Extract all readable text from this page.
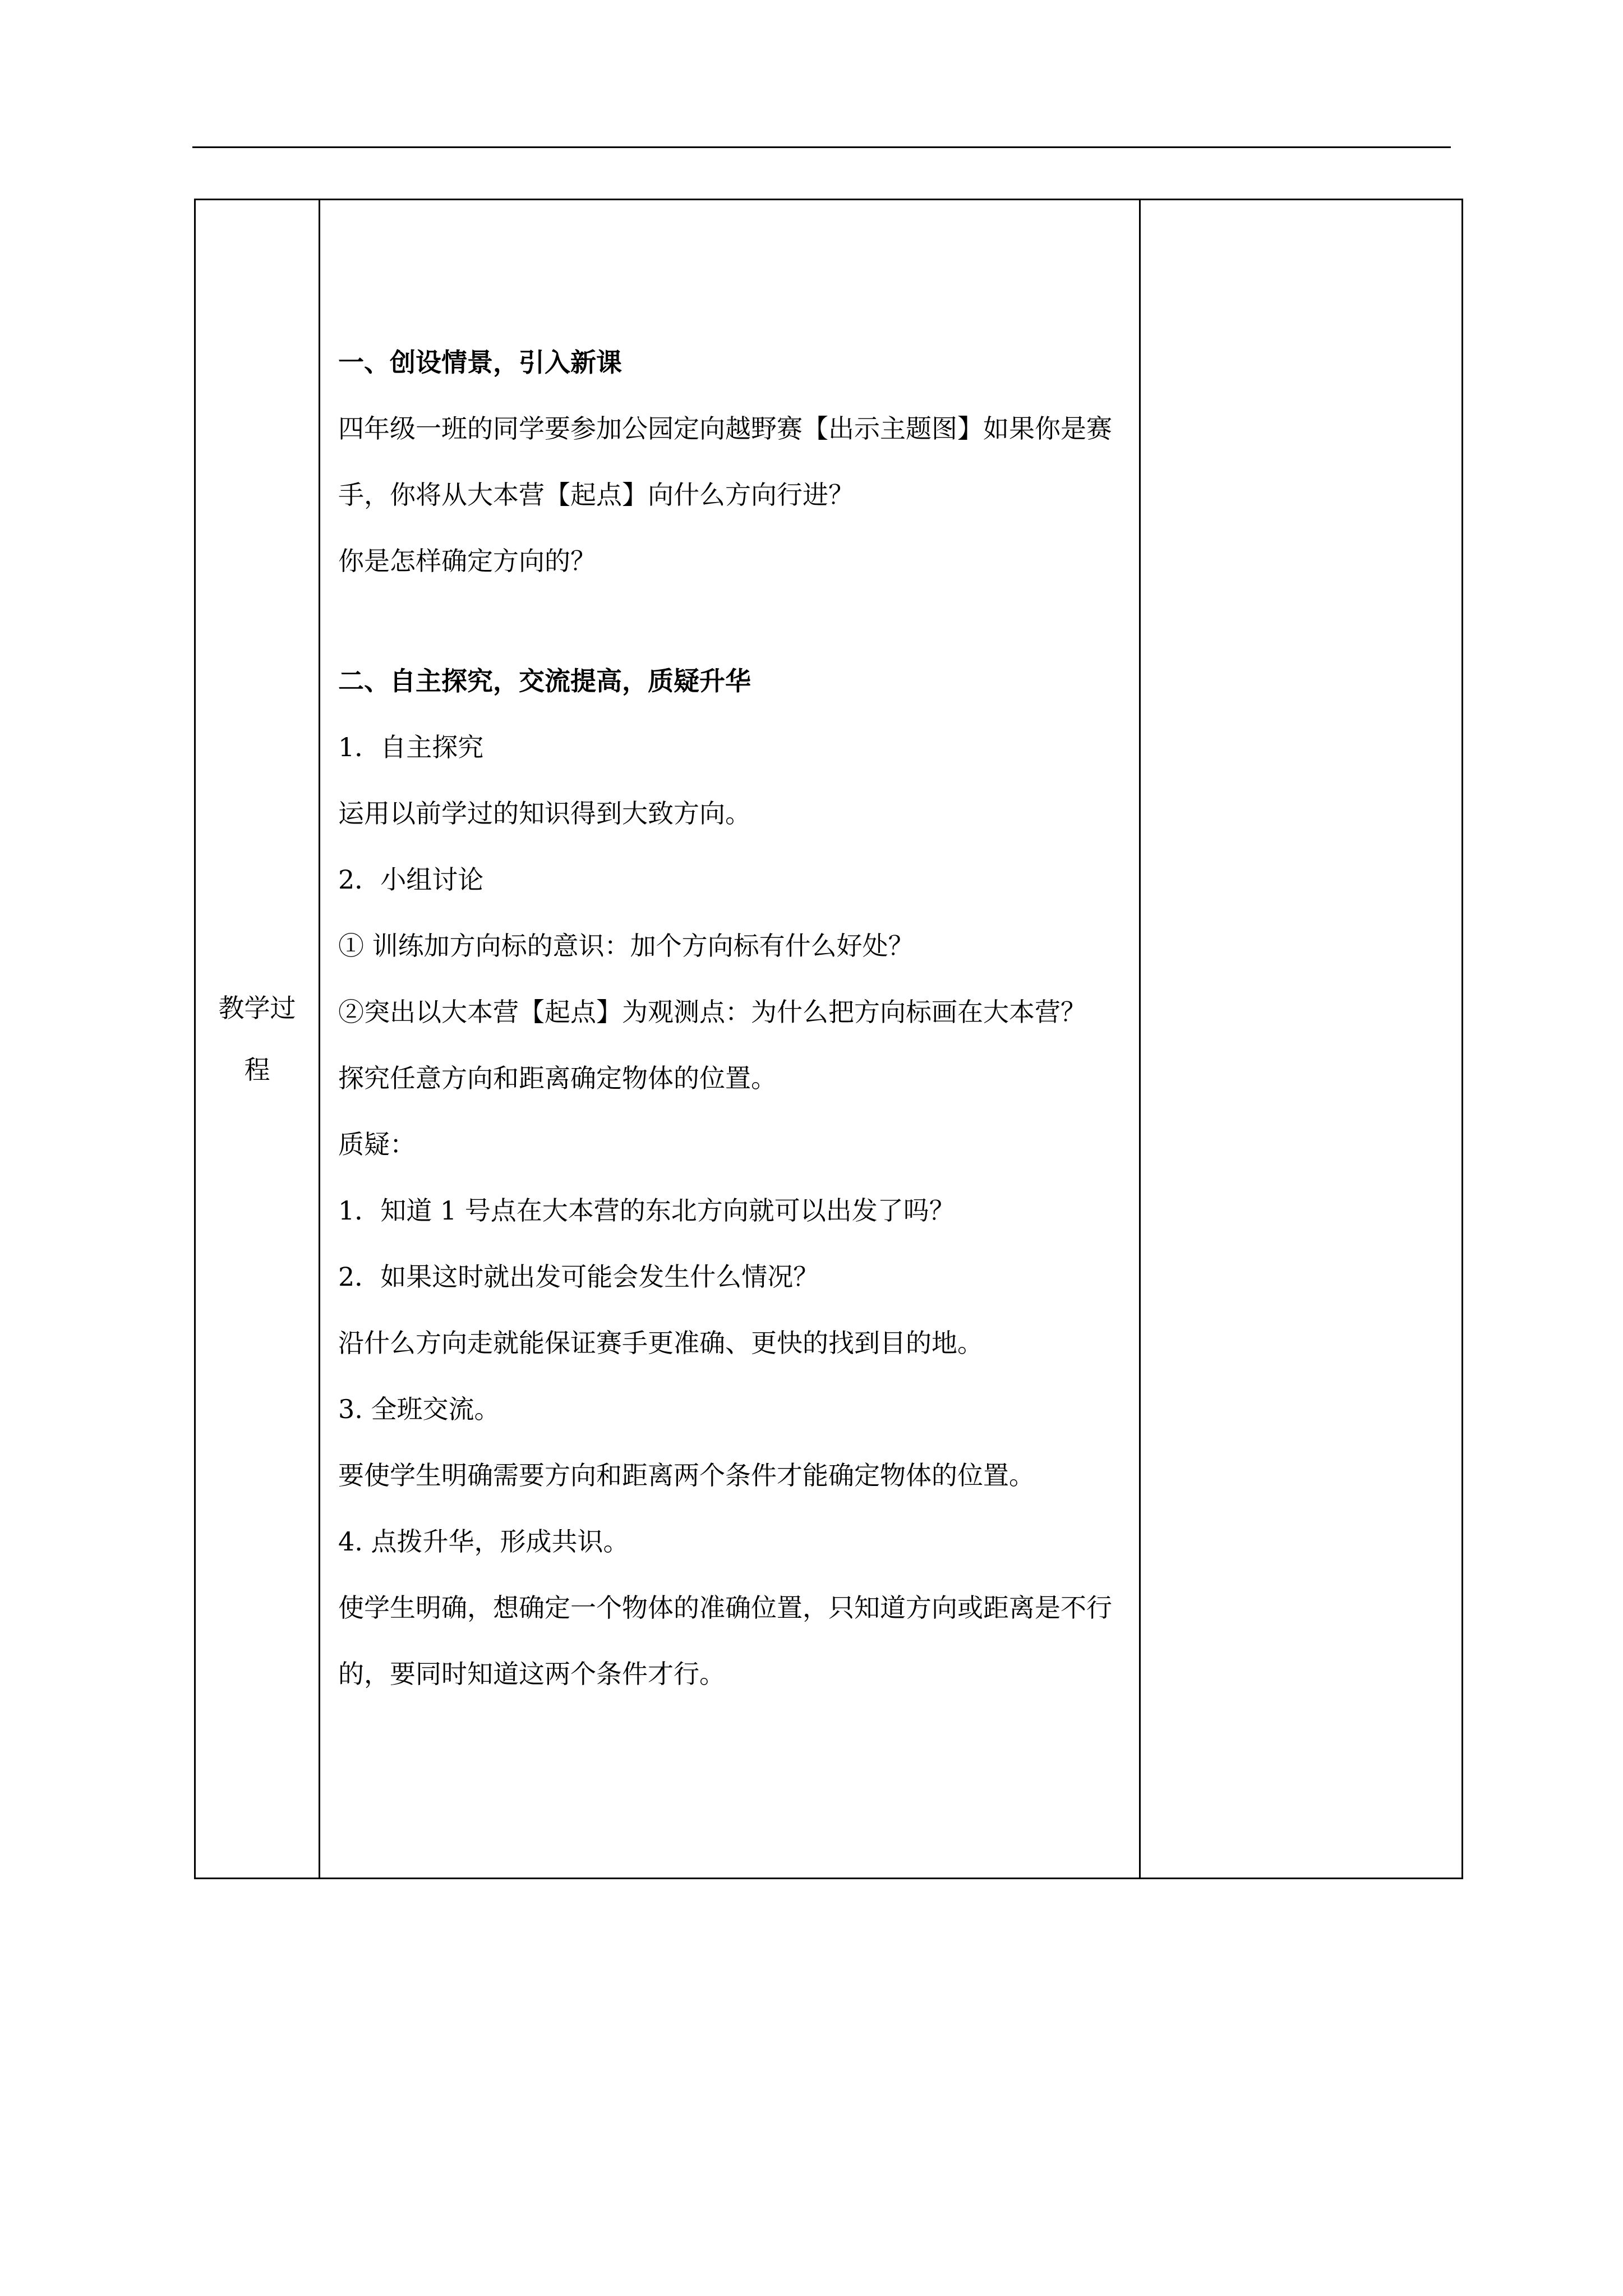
教学过程	
一、创设情景，引入新课
四年级一班的同学要参加公园定向越野赛【出示主题图】如果你是赛手，你将从大本营【起点】向什么方向行进？
你是怎样确定方向的？
二、自主探究，交流提高，质疑升华
1．自主探究
运用以前学过的知识得到大致方向。
2．小组讨论
① 训练加方向标的意识：加个方向标有什么好处？
②突出以大本营【起点】为观测点：为什么把方向标画在大本营？
探究任意方向和距离确定物体的位置。
质疑：
1．知道 1 号点在大本营的东北方向就可以出发了吗？
2．如果这时就出发可能会发生什么情况？
沿什么方向走就能保证赛手更准确、更快的找到目的地。
3. 全班交流。
要使学生明确需要方向和距离两个条件才能确定物体的位置。
4. 点拨升华，形成共识。
使学生明确，想确定一个物体的准确位置，只知道方向或距离是不行的，要同时知道这两个条件才行。
